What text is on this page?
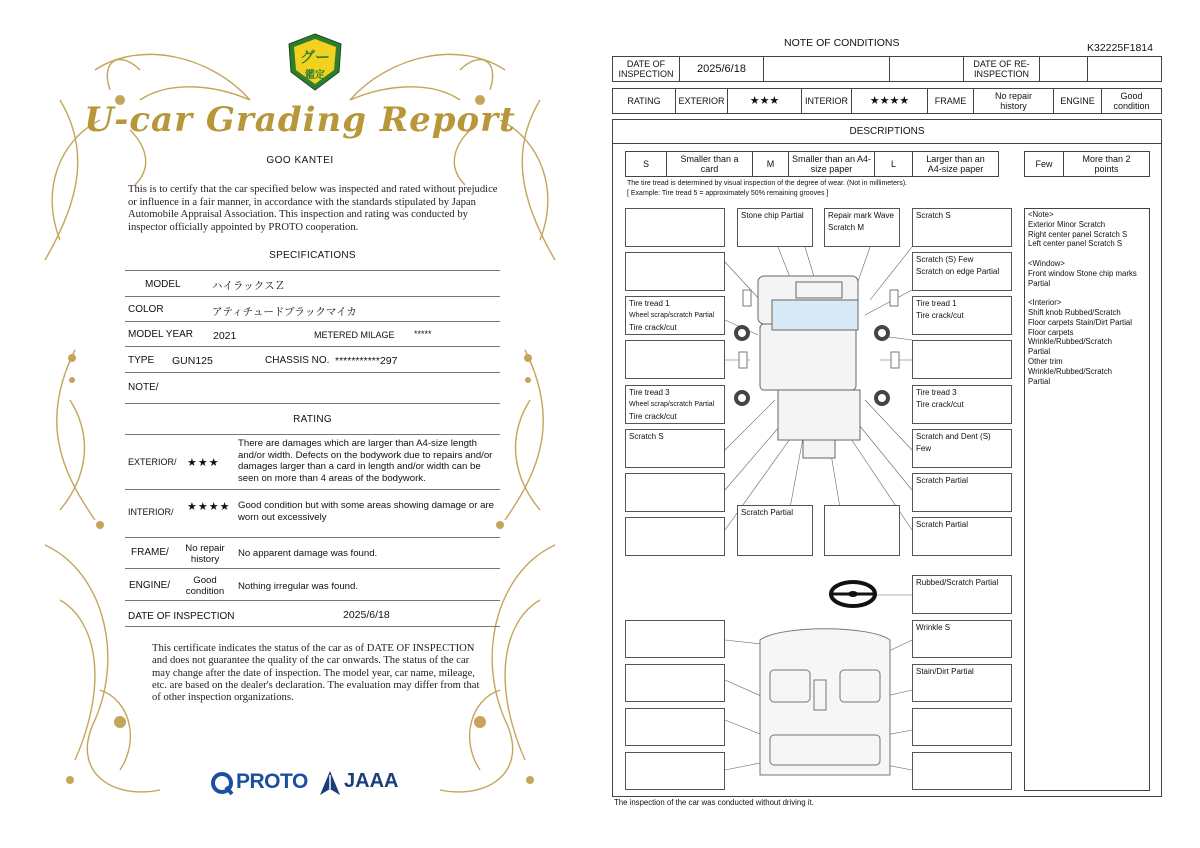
グー
鑑定
U-car Grading Report
GOO KANTEI
This is to certify that the car specified below was inspected and rated without prejudice or influence in a fair manner, in accordance with the standards stipulated by Japan Automobile Appraisal Association. This inspection and rating was conducted by inspector officially appointed by PROTO cooperation.
SPECIFICATIONS
MODEL	ハイラックスＺ
COLOR	アティチュードブラックマイカ
MODEL YEAR 2021	METERED MILAGE *****
TYPE GUN125	CHASSIS NO. ***********297
NOTE/
RATING
EXTERIOR/ ★★★
There are damages which are larger than A4-size length and/or width. Defects on the bodywork due to repairs and/or damages larger than a card in length and/or width can be seen on more than 4 areas of the bodywork.
INTERIOR/ ★★★★ Good condition but with some areas showing damage or are worn out excessively
FRAME/	No repair history
No apparent damage was found.
ENGINE/	Good condition	Nothing irregular was found.
DATE OF INSPECTION	2025/6/18
This certificate indicates the status of the car as of DATE OF INSPECTION and does not guarantee the quality of the car onwards. The status of the car may change after the date of inspection. The model year, car name, mileage, etc. are based on the dealer's declaration. The evaluation may differ from that of other inspection organizations.
PROTO JAAA
NOTE OF CONDITIONS	K32225F1814
DATE OF INSPECTION	2025/6/18	DATE OF RE-INSPECTION
RATING	EXTERIOR	★★★	INTERIOR	★★★★	FRAME	No repair history	ENGINE	Good condition
DESCRIPTIONS
S	Smaller than a card	M	Smaller than an A4-size paper	L	Larger than an A4-size paper	Few	More than 2 points
The tire tread is determined by visual inspection of the degree of wear. (Not in millimeters).
[ Example: Tire tread 5 = approximately 50% remaining grooves ]
Stone chip Partial	Repair mark Wave
Scratch M
Scratch S
Scratch (S) Few
Scratch on edge Partial
Tire tread 1
Wheel scrap/scratch Partial
Tire crack/cut
Tire tread 1
Tire crack/cut
Tire tread 3
Wheel scrap/scratch Partial
Tire crack/cut
Tire tread 3
Tire crack/cut
Scratch S	Scratch and Dent (S) Few
Scratch Partial
Scratch Partial
Scratch Partial
Rubbed/Scratch Partial
Wrinkle S
Stain/Dirt Partial
<Note>
Exterior Minor Scratch
Right center panel Scratch S
Left center panel Scratch S
<Window>
Front window Stone chip marks
Partial
<Interior>
Shift knob Rubbed/Scratch
Floor carpets Stain/Dirt Partial
Floor carpets
Wrinkle/Rubbed/Scratch
Partial
Other trim
Wrinkle/Rubbed/Scratch
Partial
The inspection of the car was conducted without driving it.
